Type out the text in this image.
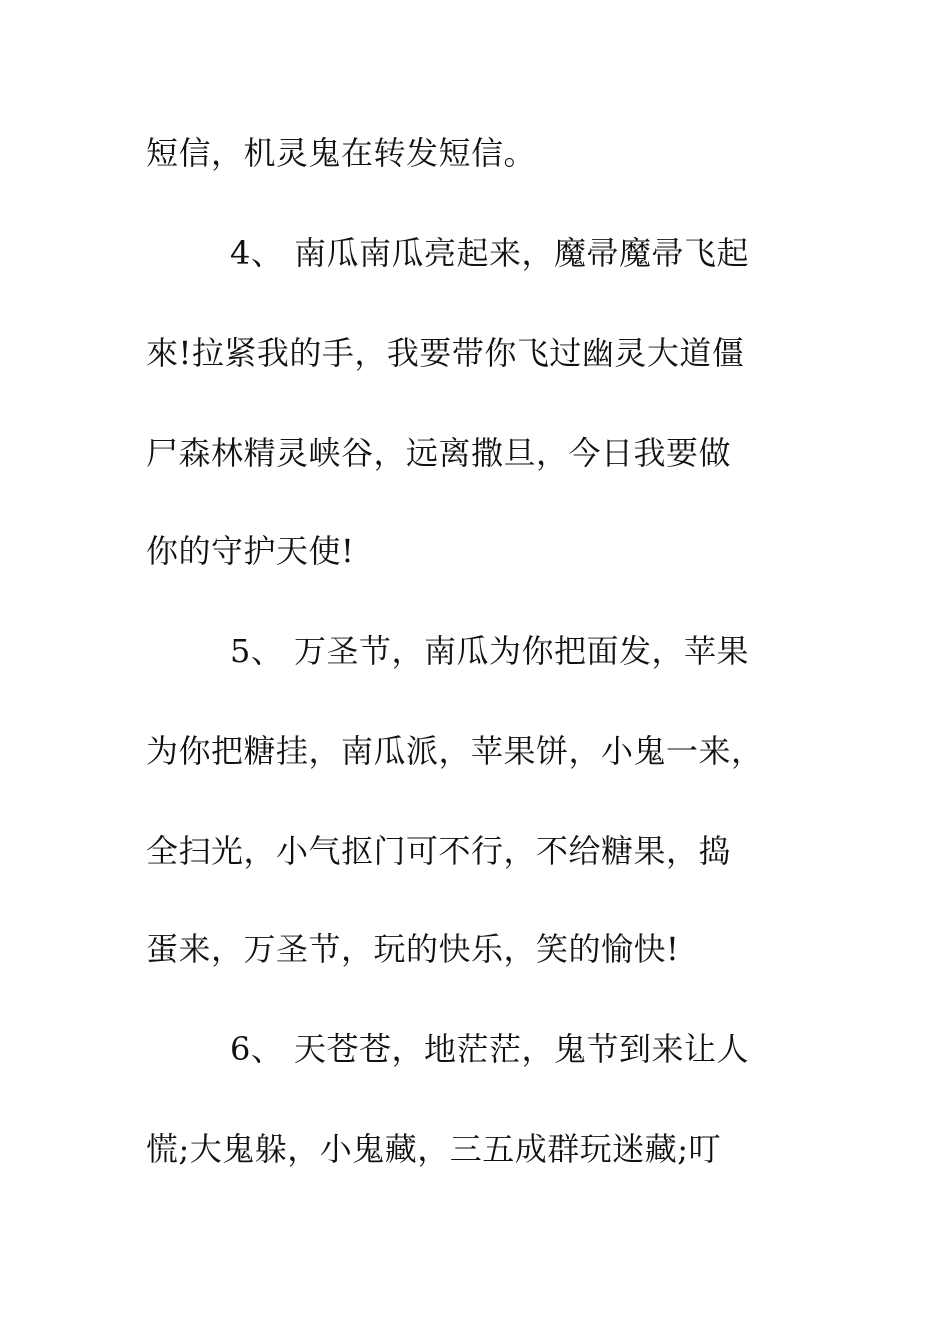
短信，机灵鬼在转发短信。
4、 南瓜南瓜亮起来，魔帚魔帚飞起
來!拉紧我的手，我要带你飞过幽灵大道僵
尸森林精灵峡谷，远离撒旦，今日我要做
你的守护天使!
5、 万圣节，南瓜为你把面发，苹果
为你把糖挂，南瓜派，苹果饼，小鬼一来，
全扫光，小气抠门可不行，不给糖果，捣
蛋来，万圣节，玩的快乐，笑的愉快!
6、 天苍苍，地茫茫，鬼节到来让人
慌;大鬼躲，小鬼藏，三五成群玩迷藏;叮
